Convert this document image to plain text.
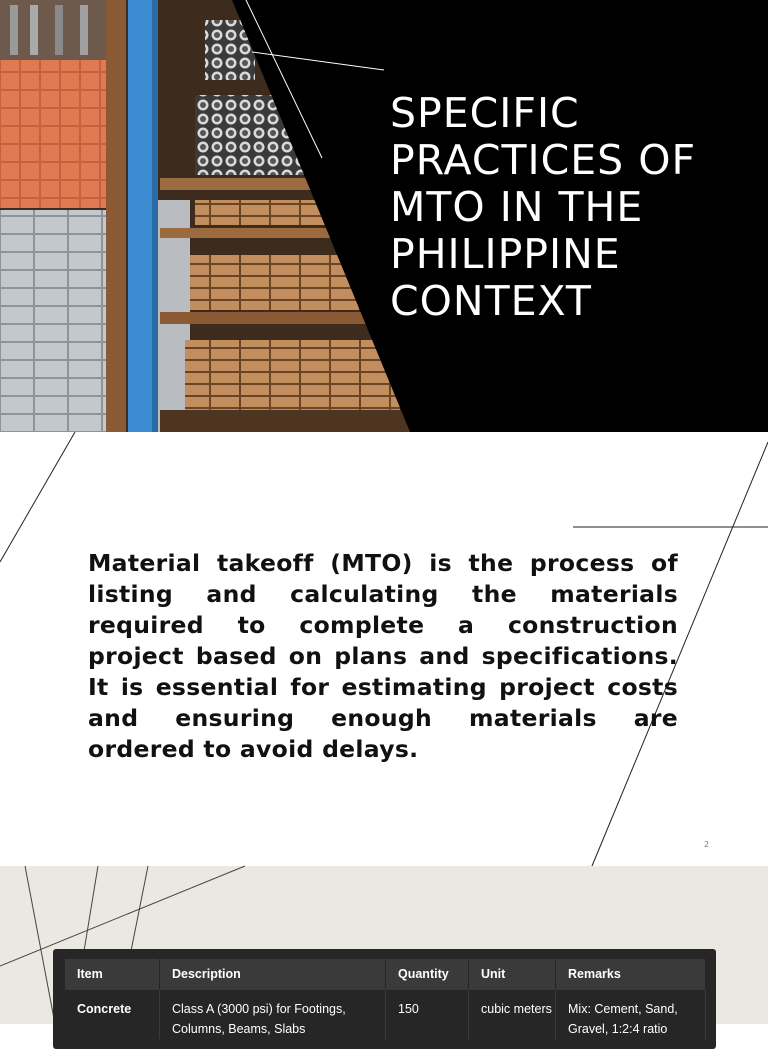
SPECIFIC
PRACTICES OF
MTO IN THE
PHILIPPINE
CONTEXT

Material takeoff (MTO) is the process of listing and calculating the materials required to complete a construction project based on plans and specifications. It is essential for estimating project costs and ensuring enough materials are ordered to avoid delays.

2
Item	Description	Quantity	Unit	Remarks
Concrete	Class A (3000 psi) for Footings, Columns, Beams, Slabs	150	cubic meters	Mix: Cement, Sand, Gravel, 1:2:4 ratio
